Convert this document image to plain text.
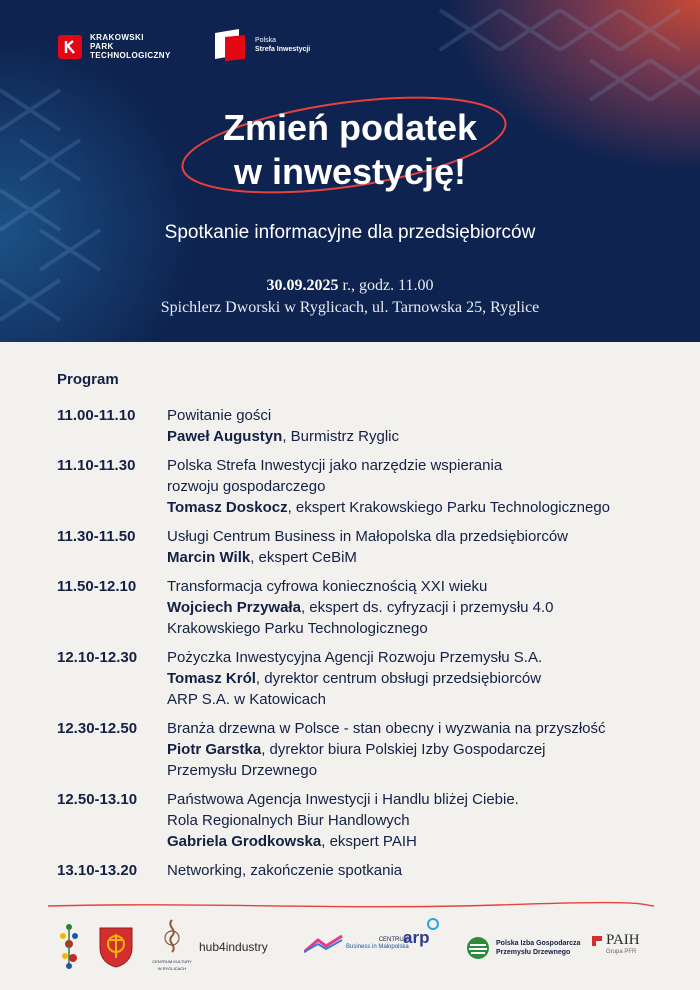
KRAKOWSKI
PARK
TECHNOLOGICZNY
Polska
Strefa Inwestycji
Zmień podatek
w inwestycję!
Spotkanie informacyjne dla przedsiębiorców
30.09.2025 r., godz. 11.00
Spichlerz Dworski w Ryglicach, ul. Tarnowska 25, Ryglice
Program
11.00-11.10	Powitanie gości
Paweł Augustyn, Burmistrz Ryglic
11.10-11.30	Polska Strefa Inwestycji jako narzędzie wspierania
rozwoju gospodarczego
Tomasz Doskocz, ekspert Krakowskiego Parku Technologicznego
11.30-11.50	Usługi Centrum Business in Małopolska dla przedsiębiorców
Marcin Wilk, ekspert CeBiM
11.50-12.10	Transformacja cyfrowa koniecznością XXI wieku
Wojciech Przywała, ekspert ds. cyfryzacji i przemysłu 4.0
Krakowskiego Parku Technologicznego
12.10-12.30	Pożyczka Inwestycyjna Agencji Rozwoju Przemysłu S.A.
Tomasz Król, dyrektor centrum obsługi przedsiębiorców
ARP S.A. w Katowicach
12.30-12.50	Branża drzewna w Polsce - stan obecny i wyzwania na przyszłość
Piotr Garstka, dyrektor biura Polskiej Izby Gospodarczej
Przemysłu Drzewnego
12.50-13.10	Państwowa Agencja Inwestycji i Handlu bliżej Ciebie.
Rola Regionalnych Biur Handlowych
Gabriela Grodkowska, ekspert PAIH
13.10-13.20	Networking, zakończenie spotkania
CENTRUM KULTURY W RYGLICACH
hub4industry	CENTRUM
Business in Małopolska
arp	Polska Izba Gospodarcza
Przemysłu Drzewnego
PAIH
Grupa PFR
